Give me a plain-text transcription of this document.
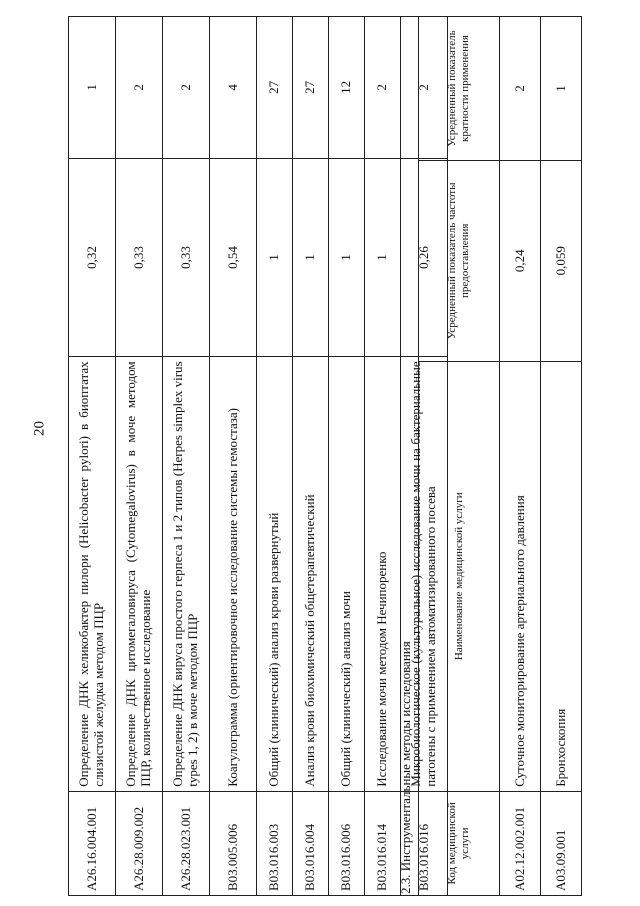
20
A26.16.004.001	Определение ДНК хеликобактер пилори (Helicobacter pylori) в биоптатах слизистой желудка методом ПЦР	0,32	1
A26.28.009.002	Определение ДНК цитомегаловируса (Cytomegalovirus) в моче методом ПЦР, количественное исследование	0,33	2
A26.28.023.001	Определение ДНК вируса простого герпеса 1 и 2 типов (Herpes simplex virus types 1, 2) в моче методом ПЦР	0,33	2
B03.005.006	Коагулограмма (ориентировочное исследование системы гемостаза)	0,54	4
B03.016.003	Общий (клинический) анализ крови развернутый	1	27
B03.016.004	Анализ крови биохимический общетерапевтический	1	27
B03.016.006	Общий (клинический) анализ мочи	1	12
B03.016.014	Исследование мочи методом Нечипоренко	1	2
B03.016.016	Микробиологическое (культуральное) исследование мочи на бактериальные патогены с применением автоматизированного посева	0,26	2
2.3. Инструментальные методы исследования	Код медицинской услуги	Наименование медицинской услуги	Усредненный показатель частоты предоставления	Усредненный показатель кратности применения
A02.12.002.001	Суточное мониторирование артериального давления	0,24	2
A03.09.001	Бронхоскопия	0,059	1
